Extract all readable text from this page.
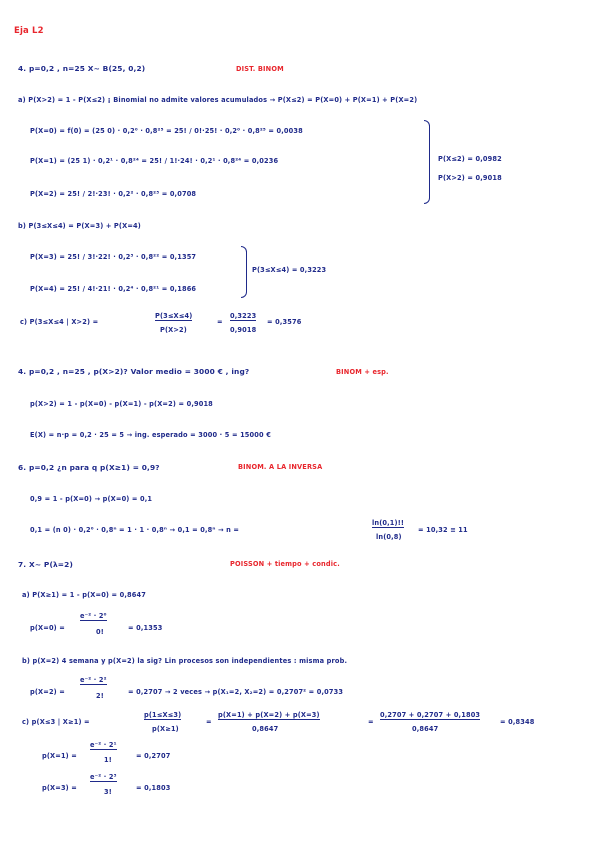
Eja L2
4. p=0,2 , n=25 X~ B(25, 0,2)	DIST. BINOM
a) P(X>2) = 1 - P(X≤2) ¡ Binomial no admite valores acumulados → P(X≤2) = P(X=0) + P(X=1) + P(X=2)
P(X=0) = f(0) = (25 0) · 0,2⁰ · 0,8²⁵ = 25! / 0!·25! · 0,2⁰ · 0,8²⁵ = 0,0038
P(X=1) = (25 1) · 0,2¹ · 0,8²⁴ = 25! / 1!·24! · 0,2¹ · 0,8²⁴ = 0,0236
P(X=2) = 25! / 2!·23! · 0,2² · 0,8²³ = 0,0708
P(X≤2) = 0,0982
P(X>2) = 0,9018
b) P(3≤X≤4) = P(X=3) + P(X=4)
P(X=3) = 25! / 3!·22! · 0,2³ · 0,8²² = 0,1357
P(X=4) = 25! / 4!·21! · 0,2⁴ · 0,8²¹ = 0,1866
P(3≤X≤4) = 0,3223
c) P(3≤X≤4 | X>2) =
P(3≤X≤4)
P(X>2)
=
0,3223
0,9018
= 0,3576
4. p=0,2 , n=25 , p(X>2)? Valor medio = 3000 € , ing?	BINOM + esp.
p(X>2) = 1 - p(X=0) - p(X=1) - p(X=2) = 0,9018
E(X) = n·p = 0,2 · 25 = 5 → ing. esperado = 3000 · 5 = 15000 €
6. p=0,2 ¿n para q p(X≥1) = 0,9?	BINOM. A LA INVERSA
0,9 = 1 - p(X=0) → p(X=0) = 0,1
0,1 = (n 0) · 0,2⁰ · 0,8ⁿ = 1 · 1 · 0,8ⁿ → 0,1 = 0,8ⁿ → n =
ln(0,1)!!
ln(0,8)
= 10,32 ≅ 11
7. X~ P(λ=2)	POISSON + tiempo + condic.
a) P(X≥1) = 1 - p(X=0) = 0,8647
p(X=0) =
e⁻² · 2⁰
0!	= 0,1353
b) p(X=2) 4 semana y p(X=2) la sig? Lin procesos son independientes : misma prob.
p(X=2) =
e⁻² · 2²
2!	= 0,2707 → 2 veces → p(X₁=2, X₂=2) = 0,2707² = 0,0733
c) p(X≤3 | X≥1) =
p(1≤X≤3)
p(X≥1)
=
p(X=1) + p(X=2) + p(X=3)
0,8647
=
0,2707 + 0,2707 + 0,1803
0,8647
= 0,8348
p(X=1) =
e⁻² · 2¹
1!	= 0,2707
p(X=3) =
e⁻² · 2³
3!	= 0,1803
